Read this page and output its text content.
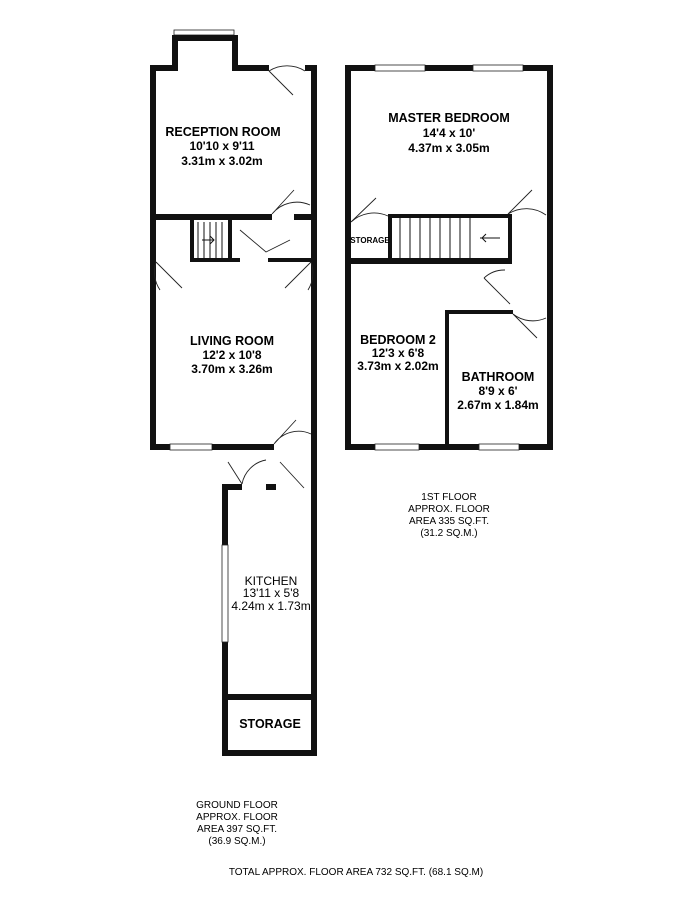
RECEPTION ROOM
10'10 x 9'11
3.31m x 3.02m
LIVING ROOM
12'2 x 10'8
3.70m x 3.26m
KITCHEN
13'11 x 5'8
4.24m x 1.73m
STORAGE
GROUND FLOOR
APPROX. FLOOR
AREA 397 SQ.FT.
(36.9 SQ.M.)
MASTER BEDROOM
14'4 x 10'
4.37m x 3.05m
BEDROOM 2
12'3 x 6'8
3.73m x 2.02m
BATHROOM
8'9 x 6'
2.67m x 1.84m
STORAGE
1ST FLOOR
APPROX. FLOOR
AREA 335 SQ.FT.
(31.2 SQ.M.)
TOTAL APPROX. FLOOR AREA 732 SQ.FT. (68.1 SQ.M)
